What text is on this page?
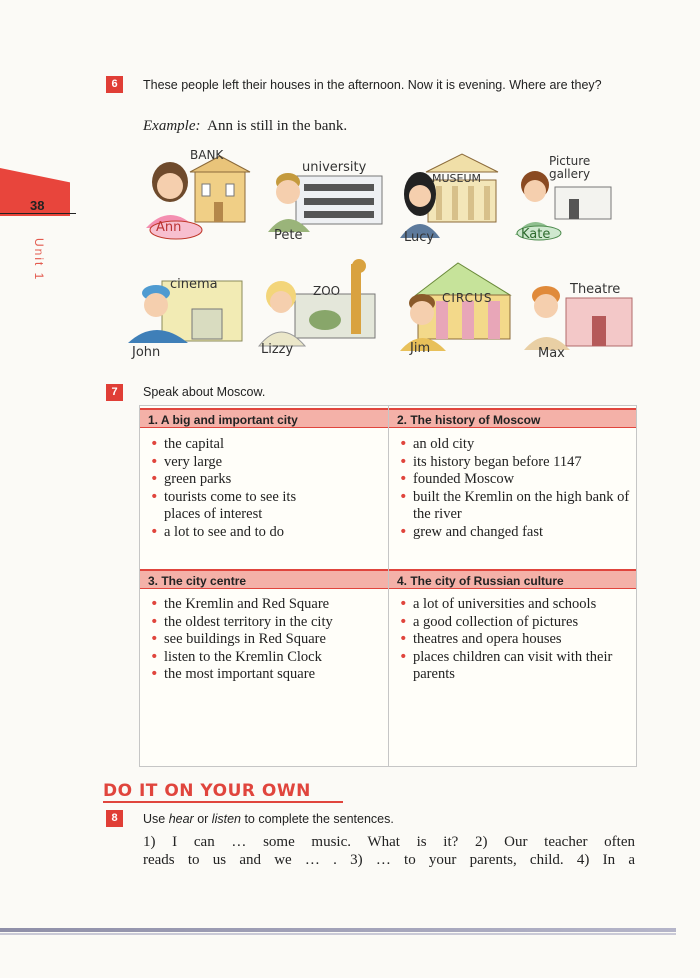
38
Unit 1
6	These people left their houses in the afternoon. Now it is evening. Where are they?
Example: Ann is still in the bank.
BANK
Ann
university
Pete
MUSEUM
Lucy
Picture gallery
Kate
cinema
John
ZOO
Lizzy
CIRCUS
Jim
Theatre
Max
7	Speak about Moscow.
1. A big and important city	2. The history of Moscow
• the capital
• very large
• green parks
• tourists come to see its places of interest
• a lot to see and to do
• an old city
• its history began before 1147
• founded Moscow
• built the Kremlin on the high bank of the river
• grew and changed fast
3. The city centre	4. The city of Russian culture
• the Kremlin and Red Square
• the oldest territory in the city
• see buildings in Red Square
• listen to the Kremlin Clock
• the most important square
• a lot of universities and schools
• a good collection of pictures
• theatres and opera houses
• places children can visit with their parents
DO IT ON YOUR OWN
8	Use hear or listen to complete the sentences.
1) I can … some music. What is it? 2) Our teacher often
reads to us and we … . 3) … to your parents, child. 4) In a
